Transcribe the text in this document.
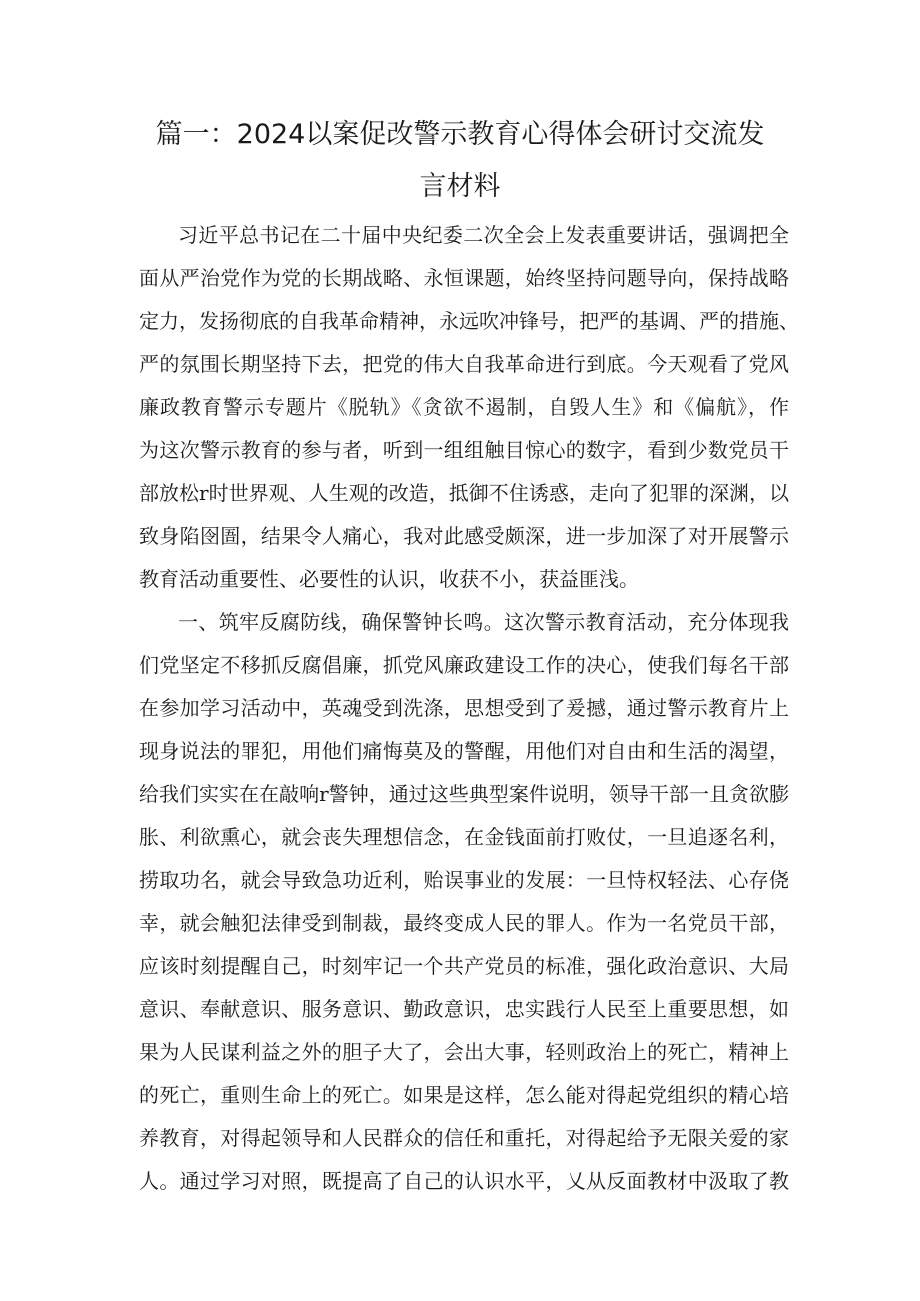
篇一：2024以案促改警示教育心得体会研讨交流发
言材料
习近平总书记在二十届中央纪委二次全会上发表重要讲话，强调把全
面从严治党作为党的长期战略、永恒课题，始终坚持问题导向，保持战略
定力，发扬彻底的自我革命精神，永远吹冲锋号，把严的基调、严的措施、
严的氛围长期坚持下去，把党的伟大自我革命进行到底。今天观看了党风
廉政教育警示专题片《脱轨》《贪欲不遏制，自毁人生》和《偏航》，作
为这次警示教育的参与者，听到一组组触目惊心的数字，看到少数党员干
部放松r时世界观、人生观的改造，抵御不住诱惑，走向了犯罪的深渊，以
致身陷囹圄，结果令人痛心，我对此感受颇深，进一步加深了对开展警示
教育活动重要性、必要性的认识，收获不小，获益匪浅。
一、筑牢反腐防线，确保警钟长鸣。这次警示教育活动，充分体现我
们党坚定不移抓反腐倡廉，抓党风廉政建设工作的决心，使我们每名干部
在参加学习活动中，英魂受到洗涤，思想受到了爰撼，通过警示教育片上
现身说法的罪犯，用他们痛悔莫及的警醒，用他们对自由和生活的渴望，
给我们实实在在敲响r警钟，通过这些典型案件说明，领导干部一且贪欲膨
胀、利欲熏心，就会丧失理想信念，在金钱面前打败仗，一旦追逐名利，
捞取功名，就会导致急功近利，贻误事业的发展：一旦恃权轻法、心存侥
幸，就会触犯法律受到制裁，最终变成人民的罪人。作为一名党员干部，
应该时刻提醒自己，时刻牢记一个共产党员的标准，强化政治意识、大局
意识、奉献意识、服务意识、勤政意识，忠实践行人民至上重要思想，如
果为人民谋利益之外的胆子大了，会出大事，轻则政治上的死亡，精神上
的死亡，重则生命上的死亡。如果是这样，怎么能对得起党组织的精心培
养教育，对得起领导和人民群众的信任和重托，对得起给予无限关爱的家
人。通过学习对照，既提高了自己的认识水平，乂从反面教材中汲取了教
